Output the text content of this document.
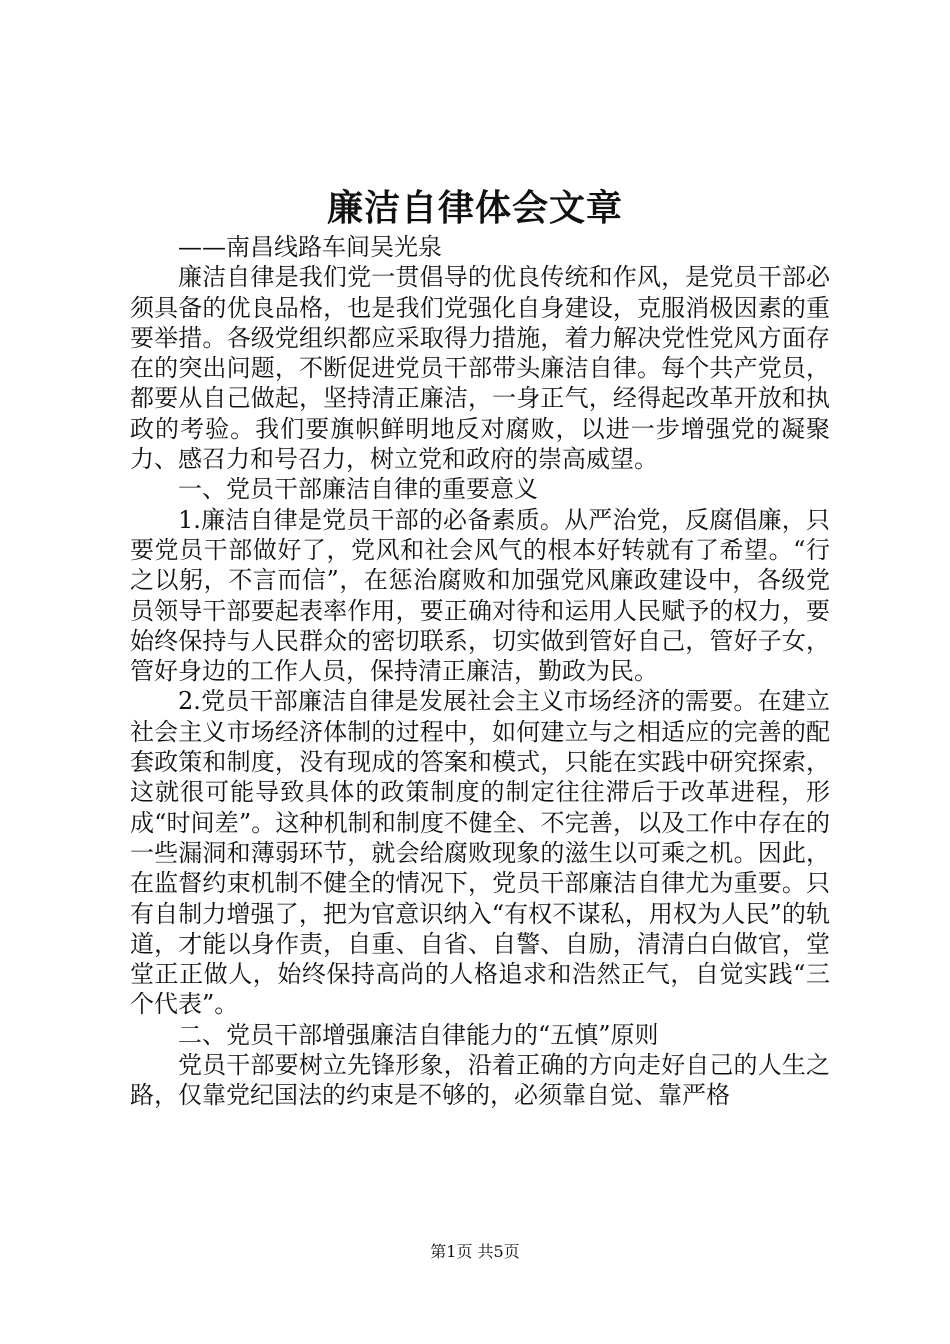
廉洁自律体会文章

——南昌线路车间吴光泉

廉洁自律是我们党一贯倡导的优良传统和作风，是党员干部必须具备的优良品格，也是我们党强化自身建设，克服消极因素的重要举措。各级党组织都应采取得力措施，着力解决党性党风方面存在的突出问题，不断促进党员干部带头廉洁自律。每个共产党员，都要从自己做起，坚持清正廉洁，一身正气，经得起改革开放和执政的考验。我们要旗帜鲜明地反对腐败，以进一步增强党的凝聚力、感召力和号召力，树立党和政府的崇高威望。

一、党员干部廉洁自律的重要意义

1.廉洁自律是党员干部的必备素质。从严治党，反腐倡廉，只要党员干部做好了，党风和社会风气的根本好转就有了希望。“行之以躬，不言而信”，在惩治腐败和加强党风廉政建设中，各级党员领导干部要起表率作用，要正确对待和运用人民赋予的权力，要始终保持与人民群众的密切联系，切实做到管好自己，管好子女，管好身边的工作人员，保持清正廉洁，勤政为民。

2.党员干部廉洁自律是发展社会主义市场经济的需要。在建立社会主义市场经济体制的过程中，如何建立与之相适应的完善的配套政策和制度，没有现成的答案和模式，只能在实践中研究探索，这就很可能导致具体的政策制度的制定往往滞后于改革进程，形成“时间差”。这种机制和制度不健全、不完善，以及工作中存在的一些漏洞和薄弱环节，就会给腐败现象的滋生以可乘之机。因此，在监督约束机制不健全的情况下，党员干部廉洁自律尤为重要。只有自制力增强了，把为官意识纳入“有权不谋私，用权为人民”的轨道，才能以身作责，自重、自省、自警、自励，清清白白做官，堂堂正正做人，始终保持高尚的人格追求和浩然正气，自觉实践“三个代表”。

二、党员干部增强廉洁自律能力的“五慎”原则

党员干部要树立先锋形象，沿着正确的方向走好自己的人生之路，仅靠党纪国法的约束是不够的，必须靠自觉、靠严格

第1页 共5页
